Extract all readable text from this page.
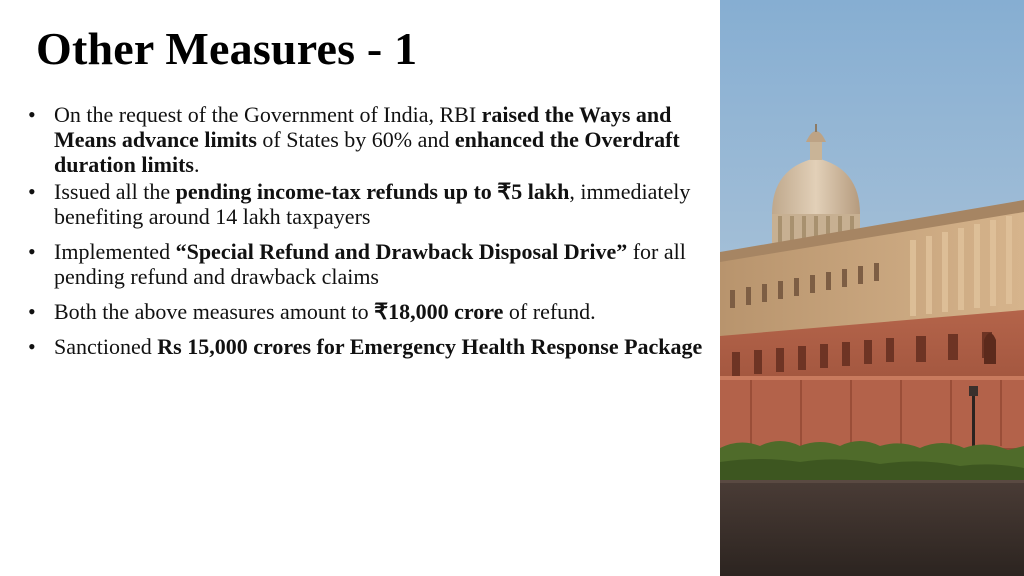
Other Measures - 1
• On the request of the Government of India, RBI raised the Ways and Means advance limits of States by 60% and enhanced the Overdraft duration limits.
• Issued all the pending income-tax refunds up to ₹5 lakh, immediately benefiting around 14 lakh taxpayers
• Implemented “Special Refund and Drawback Disposal Drive” for all pending refund and drawback claims
• Both the above measures amount to ₹18,000 crore of refund.
• Sanctioned Rs 15,000 crores for Emergency Health Response Package
